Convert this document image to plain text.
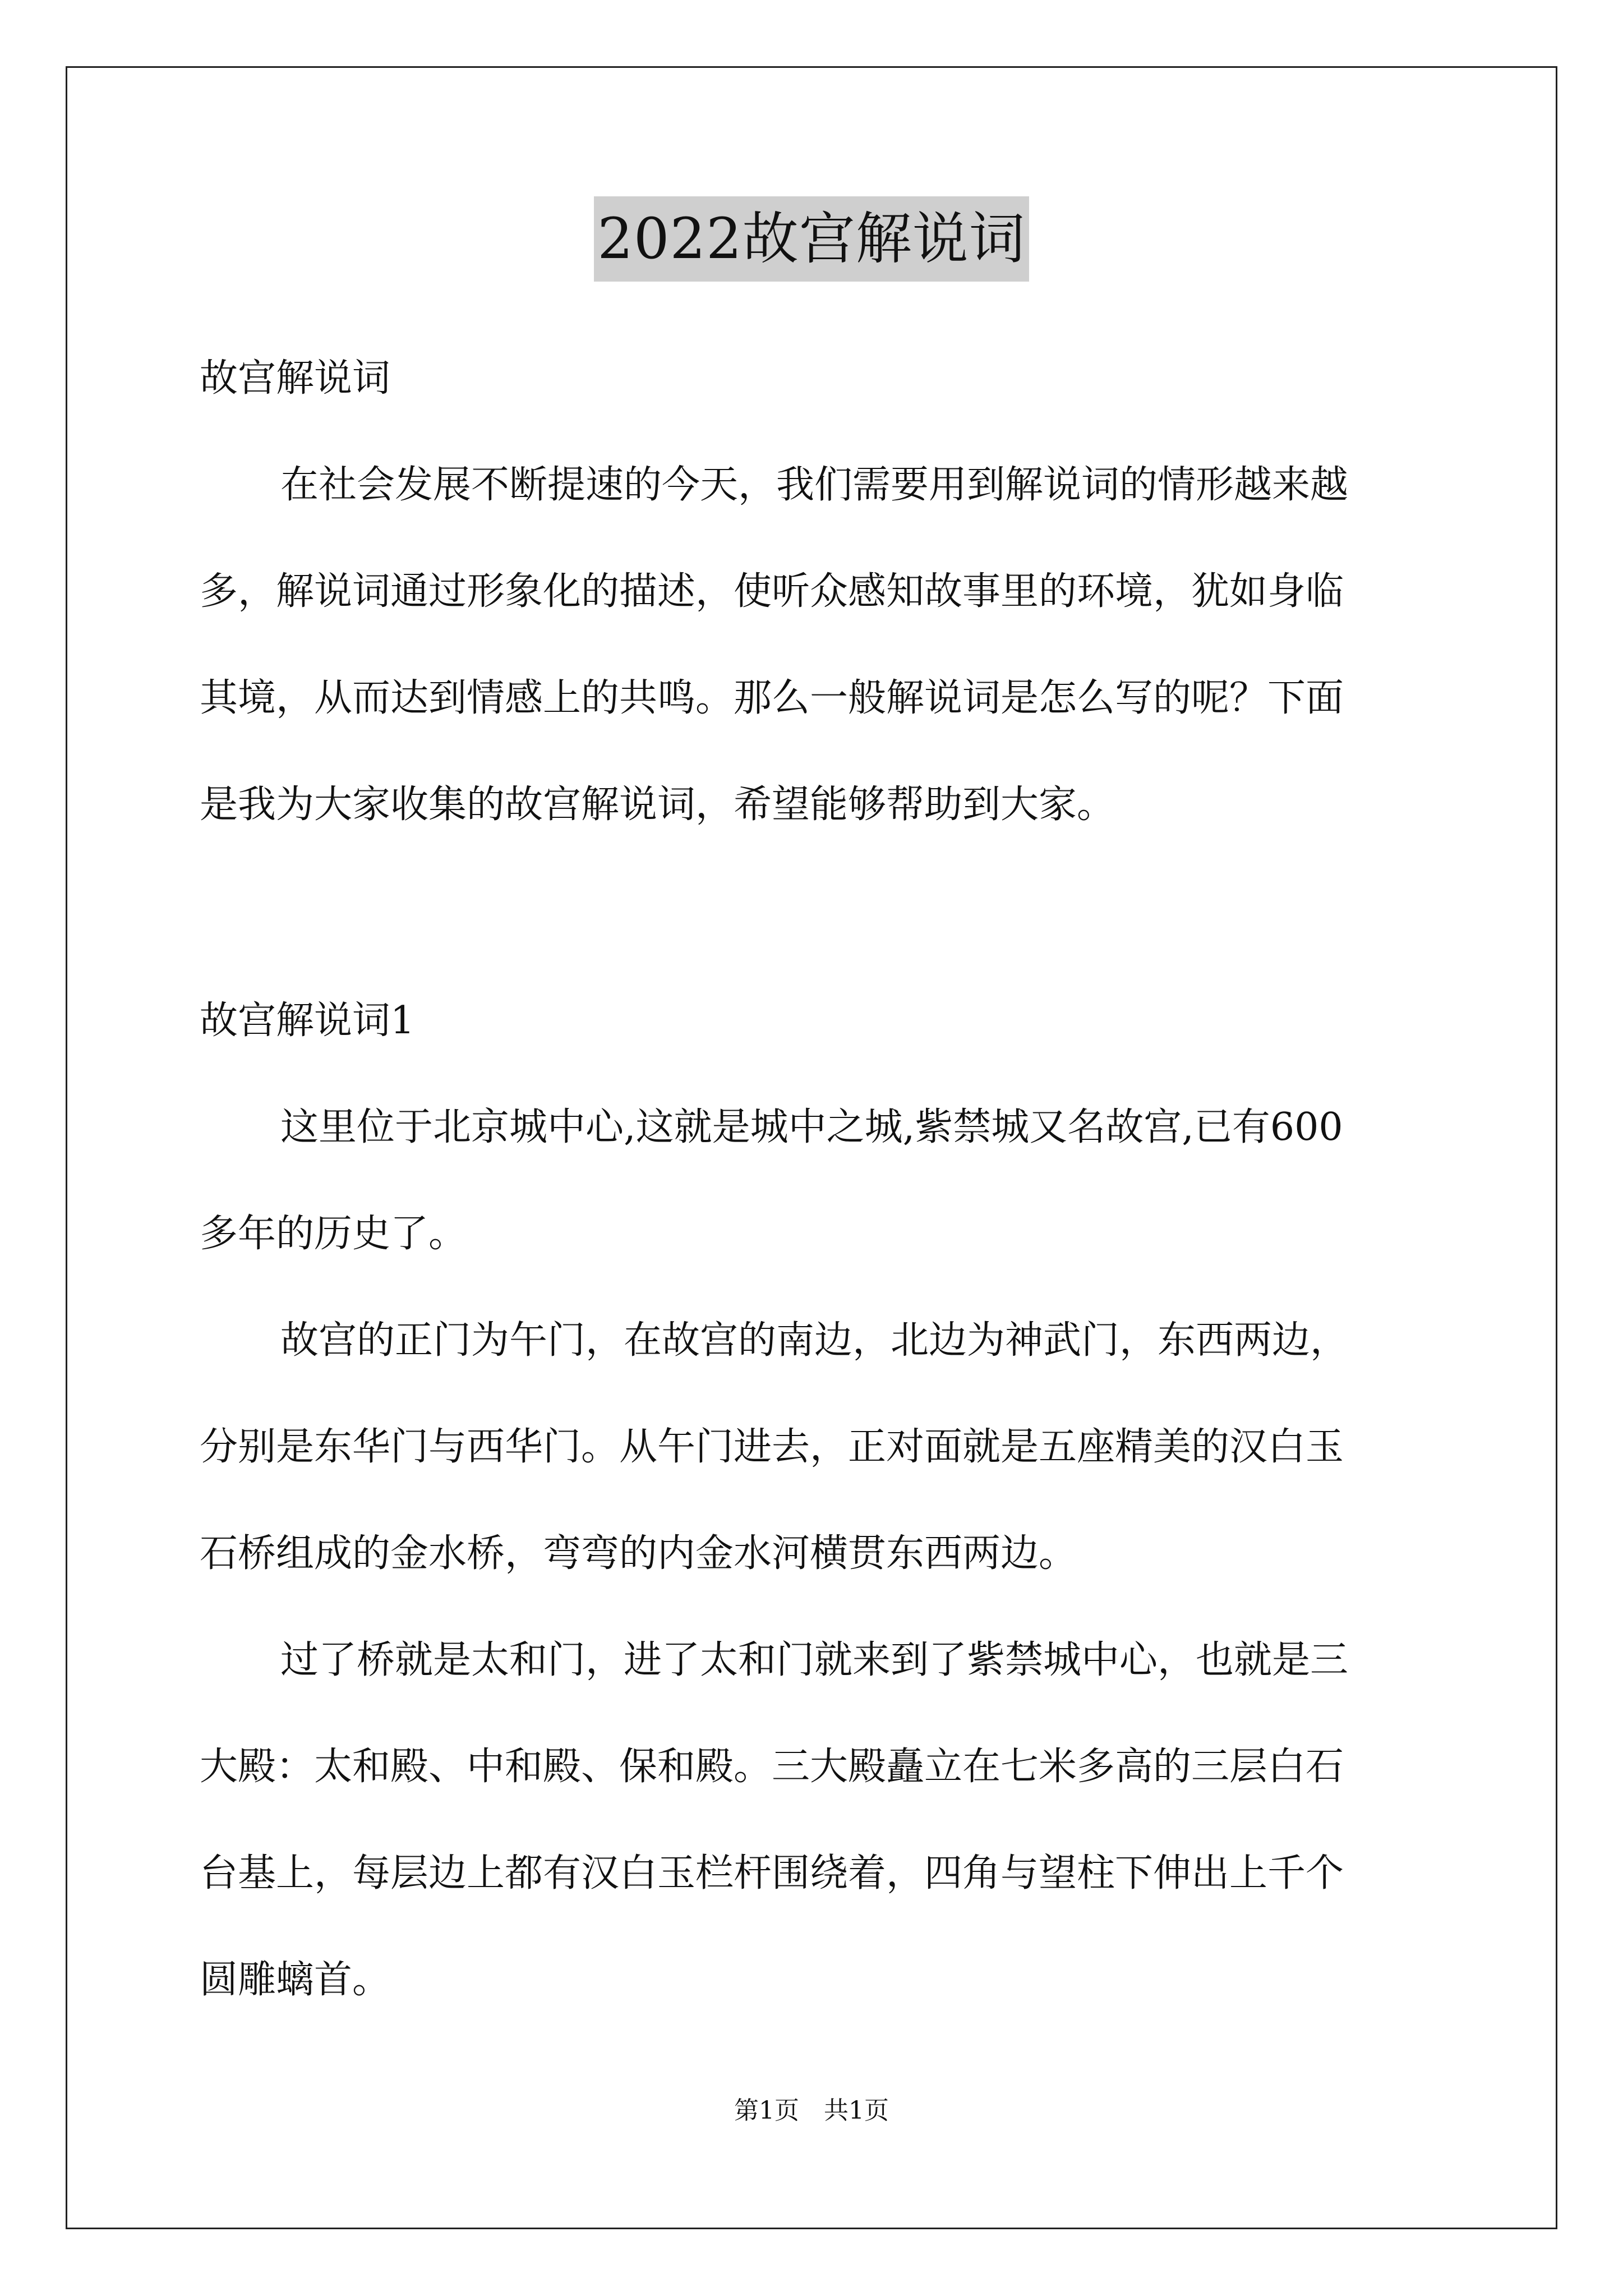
2022故宫解说词
故宫解说词
在社会发展不断提速的今天，我们需要用到解说词的情形越来越
多，解说词通过形象化的描述，使听众感知故事里的环境，犹如身临
其境，从而达到情感上的共鸣。那么一般解说词是怎么写的呢？下面
是我为大家收集的故宫解说词，希望能够帮助到大家。
故宫解说词1
这里位于北京城中心,这就是城中之城,紫禁城又名故宫,已有600
多年的历史了。
故宫的正门为午门，在故宫的南边，北边为神武门，东西两边，
分别是东华门与西华门。从午门进去，正对面就是五座精美的汉白玉
石桥组成的金水桥，弯弯的内金水河横贯东西两边。
过了桥就是太和门，进了太和门就来到了紫禁城中心，也就是三
大殿：太和殿、中和殿、保和殿。三大殿矗立在七米多高的三层白石
台基上，每层边上都有汉白玉栏杆围绕着，四角与望柱下伸出上千个
圆雕螭首。
第1页　共1页
